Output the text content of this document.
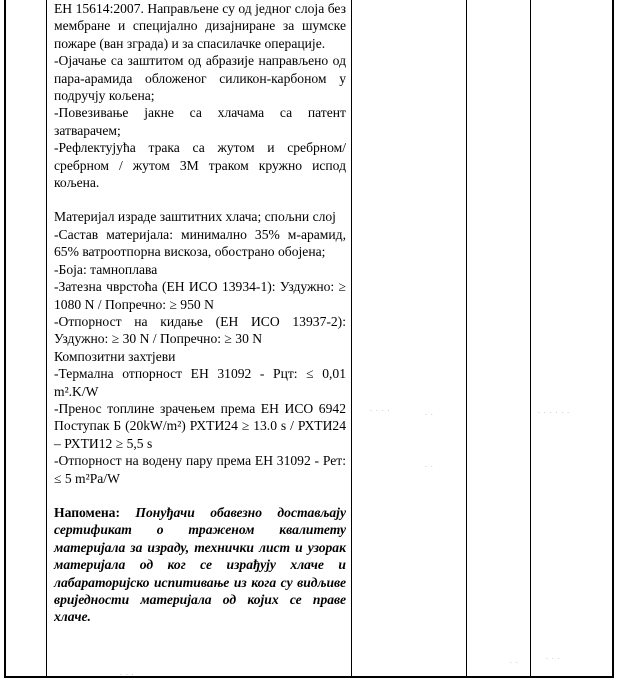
ЕН 15614:2007. Направљене су од једног слоја без мембране и специјално дизајниране за шумске пожаре (ван зграда) и за спасилачке операције.

-Ојачање са заштитом од абразије направљено од пара-арамида обложеног силикон-карбоном у подручју кољена;

-Повезивање јакне са хлачама са патент затварачем;

-Рефлектујућа трака са жутом и сребрном/ сребрном / жутом 3М траком кружно испод кољена.

Материјал израде заштитних хлача; спољни слој

-Састав материјала: минимално 35% м-арамид, 65% ватроотпорна вискоза, обострано обојена;

-Боја: тамноплава

-Затезна чврстоћа (ЕН ИСО 13934-1): Уздужно: ≥ 1080 N / Попречно: ≥ 950 N

-Отпорност на кидање (ЕН ИСО 13937-2): Уздужно: ≥ 30 N / Попречно: ≥ 30 N

Композитни захтјеви

-Термална отпорност ЕН 31092 - Рцт: ≤ 0,01 m².K/W

-Пренос топлине зрачењем према ЕН ИСО 6942 Поступак Б (20kW/m²) РХТИ24 ≥ 13.0 s / РХТИ24 – РХТИ12 ≥ 5,5 s

-Отпорност на водену пару према ЕН 31092 - Рет: ≤ 5 m²Pa/W

Напомена: Понуђачи обавезно достављају сертификат о траженом квалитету материјала за израду, технички лист и узорак материјала од ког се израђују хлаче и лабараторијско испитивање из кога су видљиве вриједности материјала од којих се праве хлаче.

· · · ·
· ·	· · · · · ·
· ·
· ·
· · ·
· · ·
